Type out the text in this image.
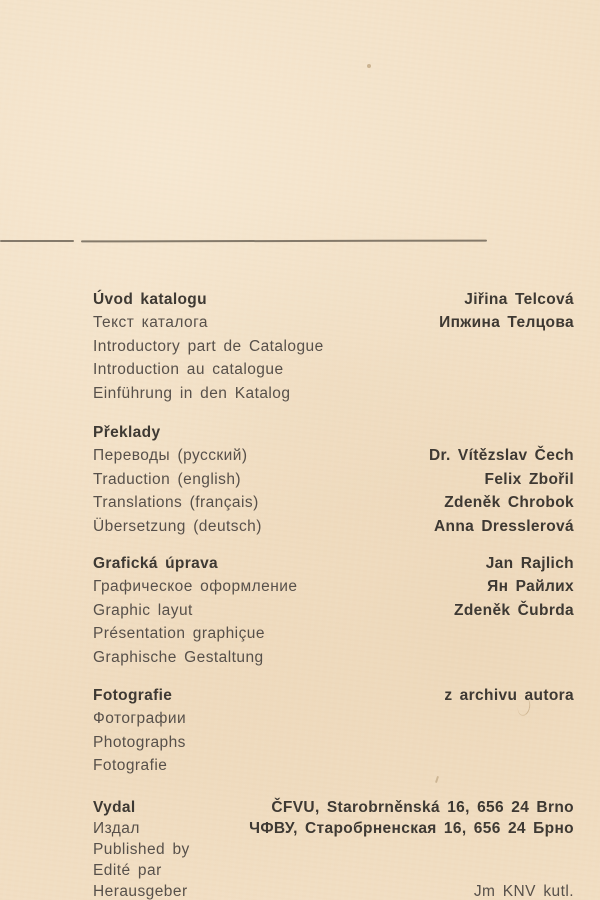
Úvod katalogu	Jiřina Telcová
Текст каталога	Ипжина Телцова
Introductory part de Catalogue
Introduction au catalogue
Einführung in den Katalog
Překlady
Переводы (русский)	Dr. Vítězslav Čech
Traduction (english)	Felix Zbořil
Translations (français)	Zdeněk Chrobok
Übersetzung (deutsch)	Anna Dresslerová
Grafická úprava	Jan Rajlich
Графическое оформление	Ян Райлих
Graphic layut	Zdeněk Čubrda
Présentation graphiçue
Graphische Gestaltung
Fotografie	z archivu autora
Фотографии
Photographs
Fotografie
Vydal	ČFVU, Starobrněnská 16, 656 24 Brno
Издал	ЧФВУ, Старобрненская 16, 656 24 Брно
Published by
Edité par
Herausgeber	Jm KNV kutl.
